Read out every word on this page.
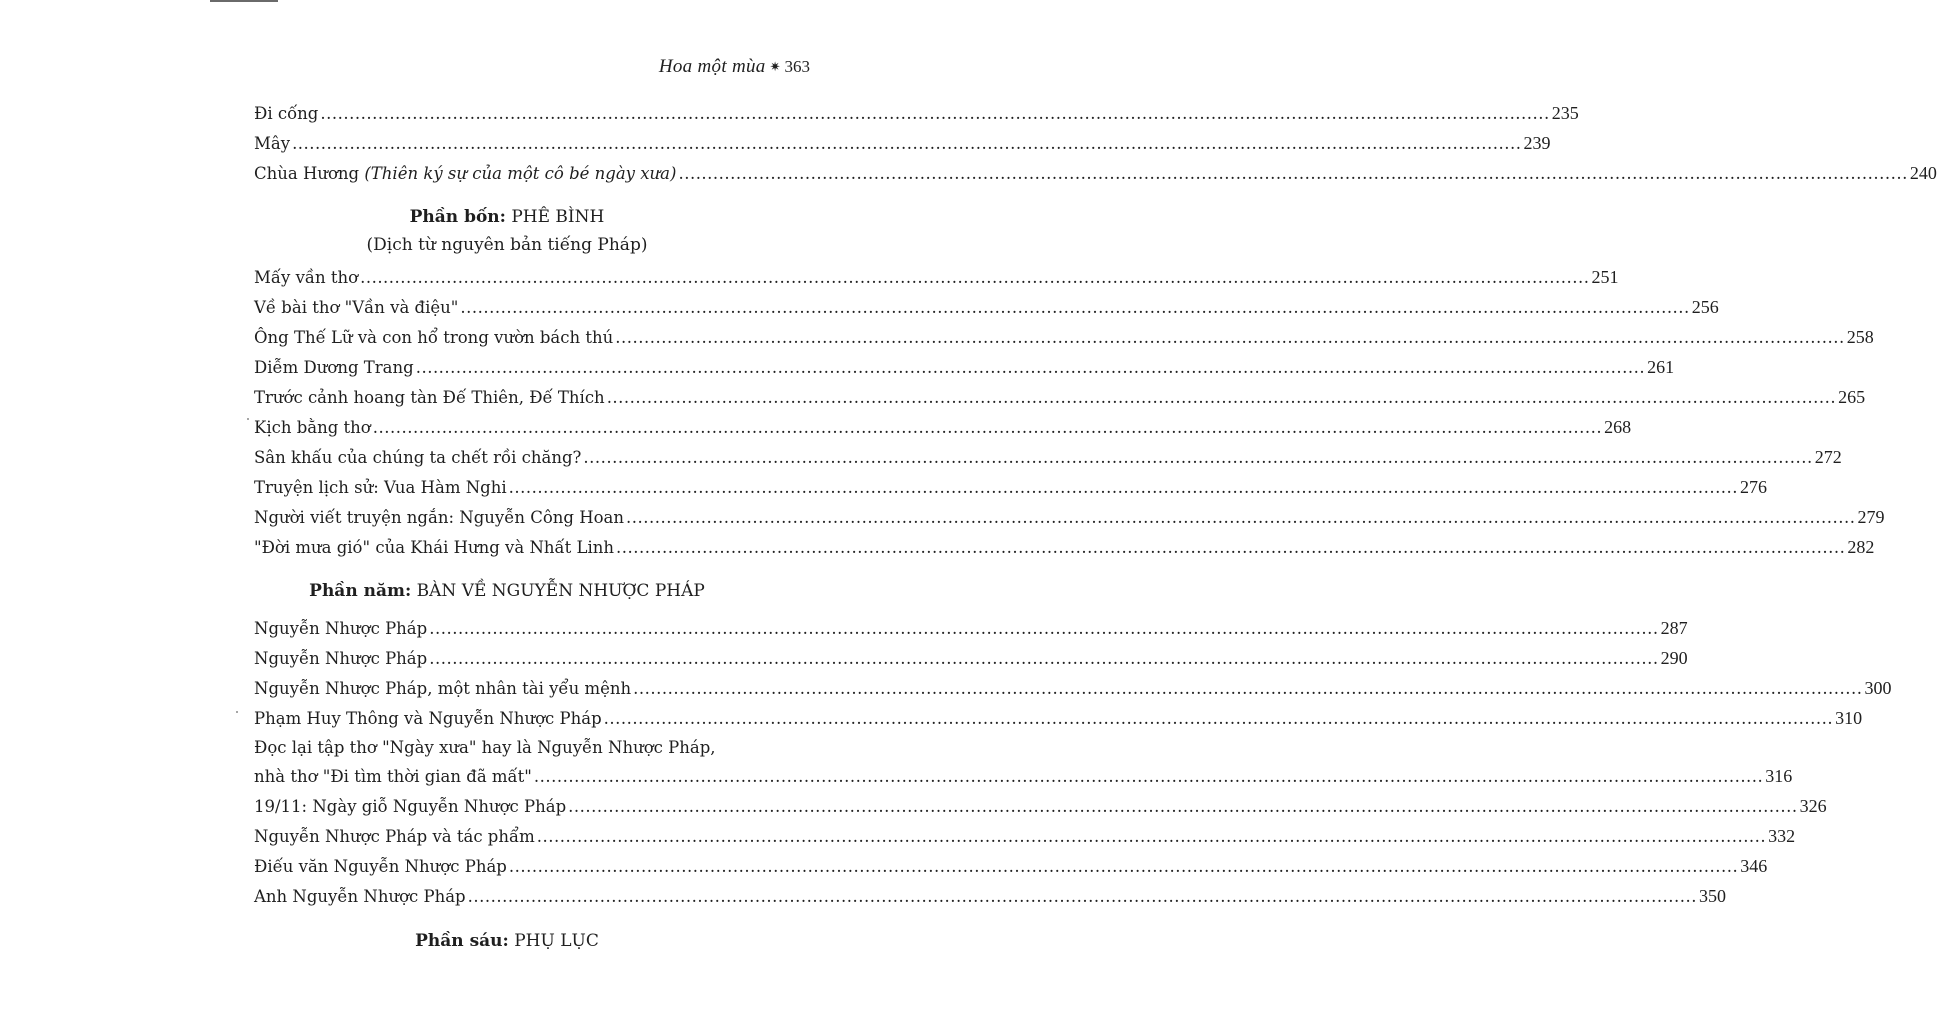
Hoa một mùa ✷ 363
Đi cống .....	235
Mây .....	239
Chùa Hương (Thiên ký sự của một cô bé ngày xưa) .....	240
Phần bốn: PHÊ BÌNH
(Dịch từ nguyên bản tiếng Pháp)
Mấy vần thơ .....	251
Về bài thơ "Vần và điệu" .....	256
Ông Thế Lữ và con hổ trong vườn bách thú .....	258
Diễm Dương Trang .....	261
Trước cảnh hoang tàn Đế Thiên, Đế Thích .....	265
Kịch bằng thơ .....	268
Sân khấu của chúng ta chết rồi chăng? .....	272
Truyện lịch sử: Vua Hàm Nghi .....	276
Người viết truyện ngắn: Nguyễn Công Hoan .....	279
"Đời mưa gió" của Khái Hưng và Nhất Linh .....	282
Phần năm: BÀN VỀ NGUYỄN NHƯỢC PHÁP
Nguyễn Nhược Pháp .....	287
Nguyễn Nhược Pháp .....	290
Nguyễn Nhược Pháp, một nhân tài yểu mệnh .....	300
Phạm Huy Thông và Nguyễn Nhược Pháp .....	310
Đọc lại tập thơ "Ngày xưa" hay là Nguyễn Nhược Pháp,
nhà thơ "Đi tìm thời gian đã mất" .....	316
19/11: Ngày giỗ Nguyễn Nhược Pháp .....	326
Nguyễn Nhược Pháp và tác phẩm .....	332
Điếu văn Nguyễn Nhược Pháp .....	346
Anh Nguyễn Nhược Pháp .....	350
Phần sáu: PHỤ LỤC
